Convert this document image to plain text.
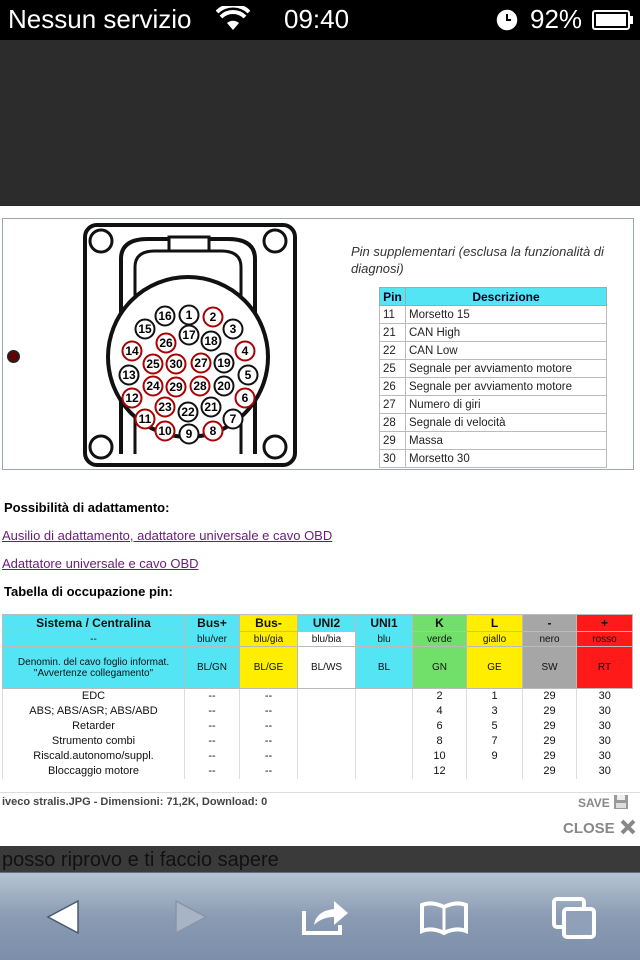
Nessun servizio	09:40	92%
1 2
3
4
5
6
7
8
9
10
11
12
13
14
15
16
17 18
19
20
21
22
23
24
25
26
27
28
29
30
Pin supplementari (esclusa la funzionalità di diagnosi)
Pin	Descrizione
11	Morsetto 15
21	CAN High
22	CAN Low
25	Segnale per avviamento motore
26	Segnale per avviamento motore
27	Numero di giri
28	Segnale di velocità
29	Massa
30	Morsetto 30
Possibilità di adattamento:
Ausilio di adattamento, adattatore universale e cavo OBD
Adattatore universale e cavo OBD
Tabella di occupazione pin:
Sistema / Centralina	Bus+	Bus-	UNI2	UNI1	K	L	-	+
--	blu/ver	blu/gia	blu/bia	blu	verde	giallo	nero	rosso
Denomin. del cavo foglio informat. "Avvertenze collegamento"	BL/GN	BL/GE	BL/WS	BL	GN	GE	SW	RT
EDC	--	--			2	1	29	30
ABS; ABS/ASR; ABS/ABD	--	--			4	3	29	30
Retarder	--	--			6	5	29	30
Strumento combi	--	--			8	7	29	30
Riscald.autonomo/suppl.	--	--			10	9	29	30
Bloccaggio motore	--	--			12		29	30
iveco stralis.JPG - Dimensioni: 71,2K, Download: 0	SAVE
CLOSE
posso riprovo e ti faccio sapere
